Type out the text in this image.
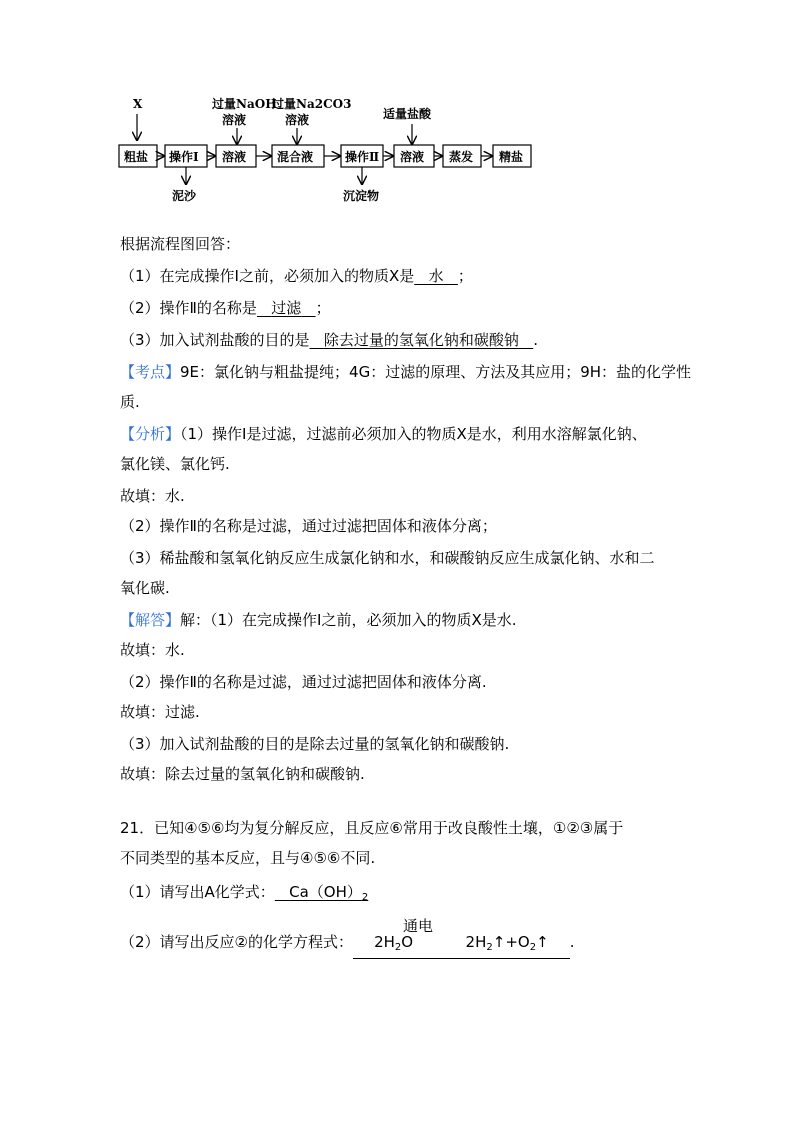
X	过量NaOH
溶液
过量Na2CO3
溶液	适量盐酸
粗盐 操作Ⅰ 溶液	混合液	操作Ⅱ 溶液 蒸发 精盐
泥沙	沉淀物
根据流程图回答：
（1）在完成操作Ⅰ之前，必须加入的物质X是 水 ；
（2）操作Ⅱ的名称是 过滤 ；
（3）加入试剂盐酸的目的是 除去过量的氢氧化钠和碳酸钠 .
【考点】9E：氯化钠与粗盐提纯；4G：过滤的原理、方法及其应用；9H：盐的化学性
质.
【分析】（1）操作Ⅰ是过滤，过滤前必须加入的物质X是水，利用水溶解氯化钠、
氯化镁、氯化钙.
故填：水.
（2）操作Ⅱ的名称是过滤，通过过滤把固体和液体分离；
（3）稀盐酸和氢氧化钠反应生成氯化钠和水，和碳酸钠反应生成氯化钠、水和二
氧化碳.
【解答】解：（1）在完成操作Ⅰ之前，必须加入的物质X是水.
故填：水.
（2）操作Ⅱ的名称是过滤，通过过滤把固体和液体分离.
故填：过滤.
（3）加入试剂盐酸的目的是除去过量的氢氧化钠和碳酸钠.
故填：除去过量的氢氧化钠和碳酸钠.
21．已知④⑤⑥均为复分解反应，且反应⑥常用于改良酸性土壤，①②③属于
不同类型的基本反应，且与④⑤⑥不同.
（1）请写出A化学式： $Ca(OH)_2$
（2）请写出反应②的化学方程式： $2H_2O$
通电
$2H_2↑+O_2↑$ .
